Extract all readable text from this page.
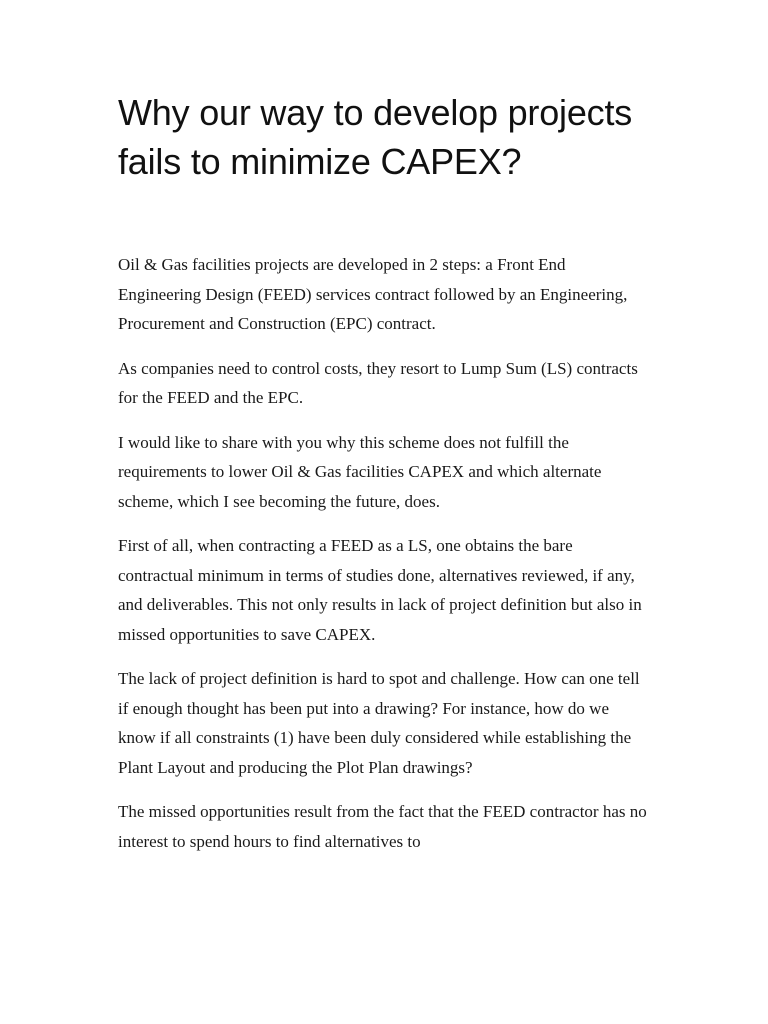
Why our way to develop projects fails to minimize CAPEX?

Oil & Gas facilities projects are developed in 2 steps: a Front End Engineering Design (FEED) services contract followed by an Engineering, Procurement and Construction (EPC) contract.

As companies need to control costs, they resort to Lump Sum (LS) contracts for the FEED and the EPC.

I would like to share with you why this scheme does not fulfill the requirements to lower Oil & Gas facilities CAPEX and which alternate scheme, which I see becoming the future, does.

First of all, when contracting a FEED as a LS, one obtains the bare contractual minimum in terms of studies done, alternatives reviewed, if any, and deliverables. This not only results in lack of project definition but also in missed opportunities to save CAPEX.

The lack of project definition is hard to spot and challenge. How can one tell if enough thought has been put into a drawing? For instance, how do we know if all constraints (1) have been duly considered while establishing the Plant Layout and producing the Plot Plan drawings?

The missed opportunities result from the fact that the FEED contractor has no interest to spend hours to find alternatives to
